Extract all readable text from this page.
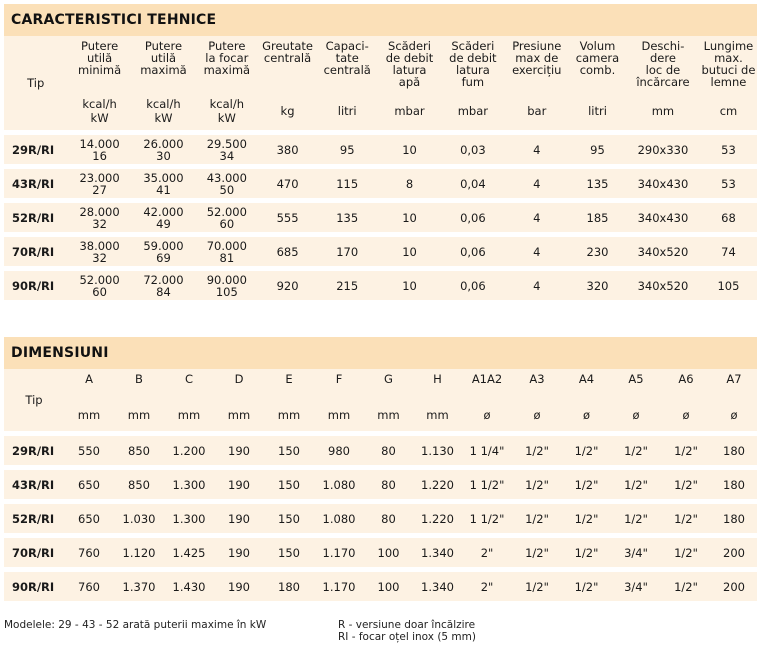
CARACTERISTICI TEHNICE
Tip	Putere
utilă
minimă	Putere
utilă
maximă	Putere
la focar
maximă	Greutate
centrală	Capaci-
tate
centrală	Scăderi
de debit
latura
apă	Scăderi
de debit
latura
fum	Presiune
max de
exercițiu	Volum
camera
comb.	Deschi-
dere
loc de
încărcare	Lungime
max.
butuci de
lemne
	kcal/h
kW	kcal/h
kW	kcal/h
kW	kg	litri	mbar	mbar	bar	litri	mm	cm
29R/RI	14.000
16	26.000
30	29.500
34	380	95	10	0,03	4	95	290x330	53
43R/RI	23.000
27	35.000
41	43.000
50	470	115	8	0,04	4	135	340x430	53
52R/RI	28.000
32	42.000
49	52.000
60	555	135	10	0,06	4	185	340x430	68
70R/RI	38.000
32	59.000
69	70.000
81	685	170	10	0,06	4	230	340x520	74
90R/RI	52.000
60	72.000
84	90.000
105	920	215	10	0,06	4	320	340x520	105
DIMENSIUNI
Tip	A	B	C	D	E	F	G	H	A1A2	A3	A4	A5	A6	A7
	mm	mm	mm	mm	mm	mm	mm	mm	ø	ø	ø	ø	ø	ø
29R/RI	550	850	1.200	190	150	980	80	1.130	1 1/4"	1/2"	1/2"	1/2"	1/2"	180
43R/RI	650	850	1.300	190	150	1.080	80	1.220	1 1/2"	1/2"	1/2"	1/2"	1/2"	180
52R/RI	650	1.030	1.300	190	150	1.080	80	1.220	1 1/2"	1/2"	1/2"	1/2"	1/2"	180
70R/RI	760	1.120	1.425	190	150	1.170	100	1.340	2"	1/2"	1/2"	3/4"	1/2"	200
90R/RI	760	1.370	1.430	190	180	1.170	100	1.340	2"	1/2"	1/2"	3/4"	1/2"	200
Modelele: 29 - 43 - 52 arată puterii maxime în kW	R - versiune doar încălzire
RI - focar oțel inox (5 mm)
